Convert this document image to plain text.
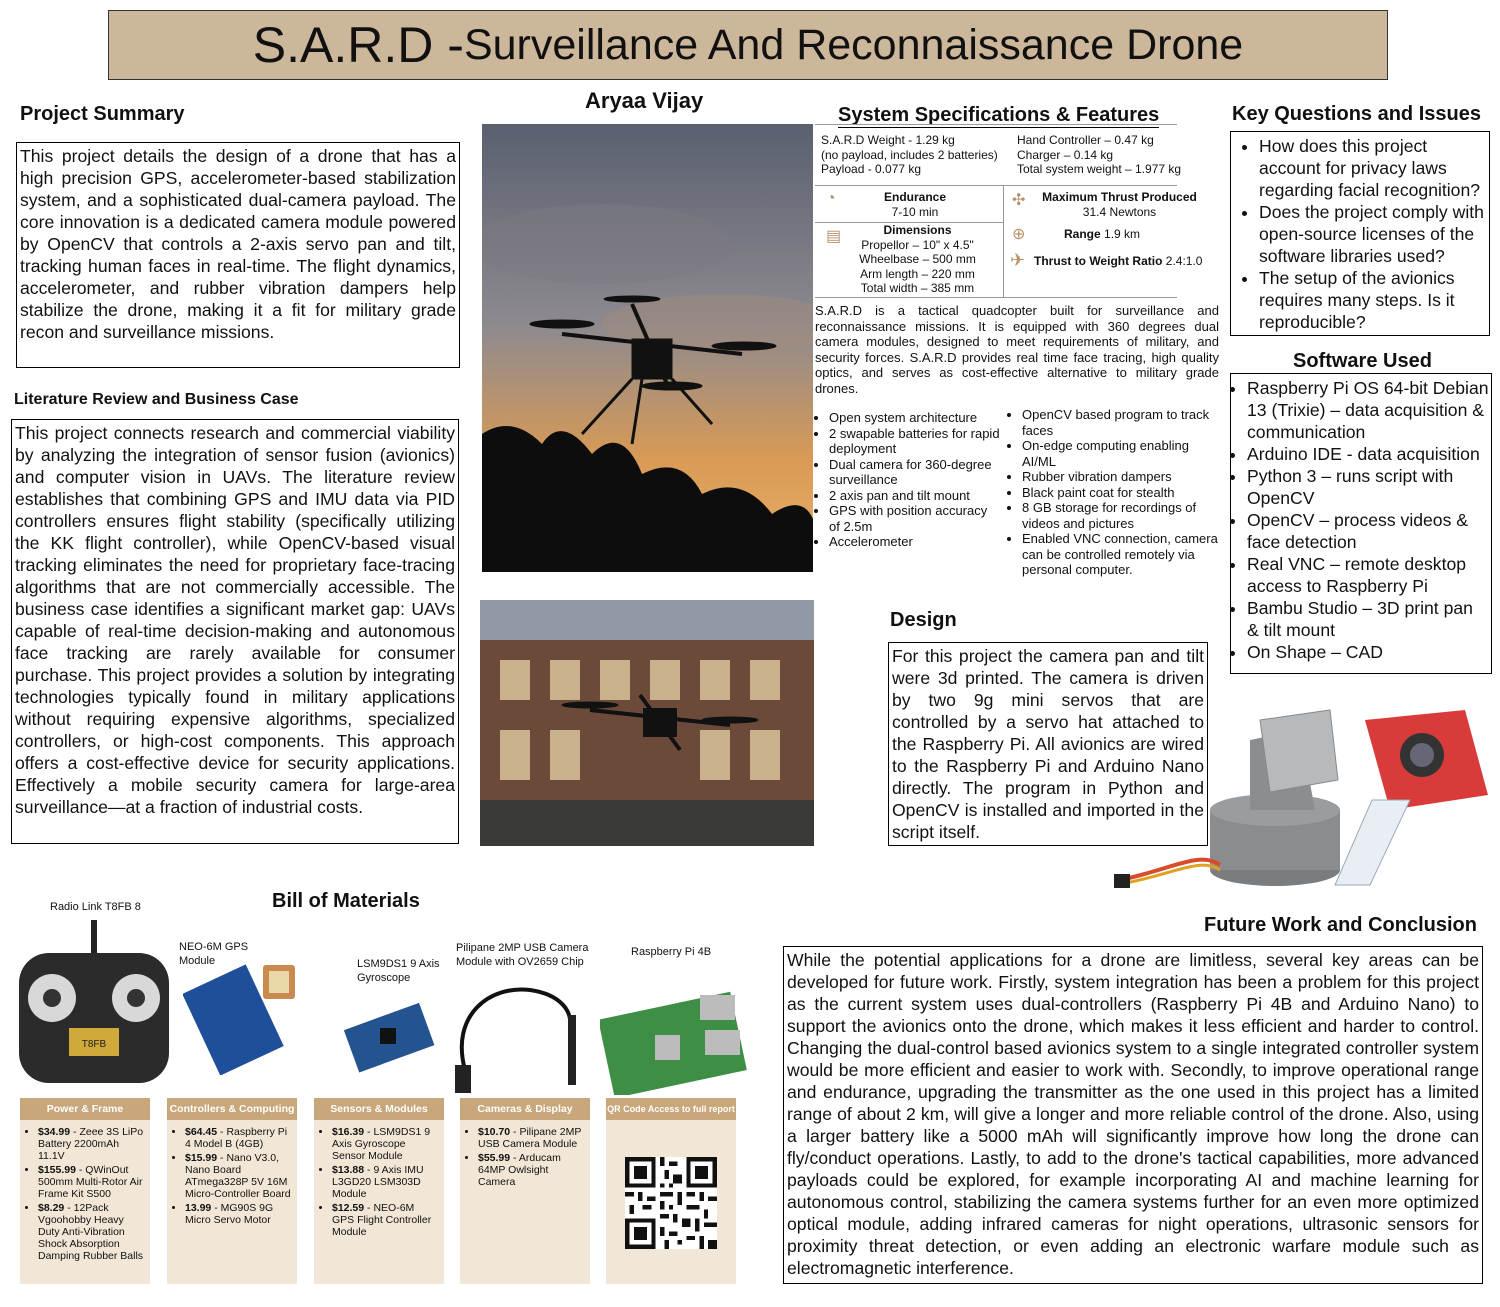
S.A.R.D - Surveillance And Reconnaissance Drone
Aryaa Vijay
Project Summary
This project details the design of a drone that has a high precision GPS, accelerometer-based stabilization system, and a sophisticated dual-camera payload. The core innovation is a dedicated camera module powered by OpenCV that controls a 2-axis servo pan and tilt, tracking human faces in real-time. The flight dynamics, accelerometer, and rubber vibration dampers help stabilize the drone, making it a fit for military grade recon and surveillance missions.
Literature Review and Business Case
This project connects research and commercial viability by analyzing the integration of sensor fusion (avionics) and computer vision in UAVs. The literature review establishes that combining GPS and IMU data via PID controllers ensures flight stability (specifically utilizing the KK flight controller), while OpenCV-based visual tracking eliminates the need for proprietary face-tracing algorithms that are not commercially accessible. The business case identifies a significant market gap: UAVs capable of real-time decision-making and autonomous face tracking are rarely available for consumer purchase. This project provides a solution by integrating technologies typically found in military applications without requiring expensive algorithms, specialized controllers, or high-cost components. This approach offers a cost-effective device for security applications. Effectively a mobile security camera for large-area surveillance—at a fraction of industrial costs.
System Specifications & Features
S.A.R.D Weight - 1.29 kg
(no payload, includes 2 batteries)
Payload - 0.077 kg
Hand Controller – 0.47 kg
Charger – 0.14 kg
Total system weight – 1.977 kg
◔	Endurance
7-10 min
✣	Maximum Thrust Produced
31.4 Newtons
▤	Dimensions
Propellor – 10" x 4.5"
Wheelbase – 500 mm
Arm length – 220 mm
Total width – 385 mm
⊕	Range 1.9 km
✈ Thrust to Weight Ratio 2.4:1.0
S.A.R.D is a tactical quadcopter built for surveillance and reconnaissance missions. It is equipped with 360 degrees dual camera modules, designed to meet requirements of military, and security forces. S.A.R.D provides real time face tracing, high quality optics, and serves as cost-effective alternative to military grade drones.
• Open system architecture
• 2 swapable batteries for rapid deployment
• Dual camera for 360-degree surveillance
• 2 axis pan and tilt mount
• GPS with position accuracy of 2.5m
• Accelerometer
• OpenCV based program to track faces
• On-edge computing enabling AI/ML
• Rubber vibration dampers
• Black paint coat for stealth
• 8 GB storage for recordings of videos and pictures
• Enabled VNC connection, camera can be controlled remotely via personal computer.
Key Questions and Issues
• How does this project account for privacy laws regarding facial recognition?
• Does the project comply with open-source licenses of the software libraries used?
• The setup of the avionics requires many steps. Is it reproducible?
Software Used
• Raspberry Pi OS 64-bit Debian 13 (Trixie) – data acquisition & communication
• Arduino IDE - data acquisition
• Python 3 – runs script with OpenCV
• OpenCV – process videos & face detection
• Real VNC – remote desktop access to Raspberry Pi
• Bambu Studio – 3D print pan & tilt mount
• On Shape – CAD
Design
For this project the camera pan and tilt were 3d printed. The camera is driven by two 9g mini servos that are controlled by a servo hat attached to the Raspberry Pi. All avionics are wired to the Raspberry Pi and Arduino Nano directly. The program in Python and OpenCV is installed and imported in the script itself.
Future Work and Conclusion
While the potential applications for a drone are limitless, several key areas can be developed for future work. Firstly, system integration has been a problem for this project as the current system uses dual-controllers (Raspberry Pi 4B and Arduino Nano) to support the avionics onto the drone, which makes it less efficient and harder to control. Changing the dual-control based avionics system to a single integrated controller system would be more efficient and easier to work with. Secondly, to improve operational range and endurance, upgrading the transmitter as the one used in this project has a limited range of about 2 km, will give a longer and more reliable control of the drone. Also, using a larger battery like a 5000 mAh will significantly improve how long the drone can fly/conduct operations. Lastly, to add to the drone's tactical capabilities, more advanced payloads could be explored, for example incorporating AI and machine learning for autonomous control, stabilizing the camera systems further for an even more optimized optical module, adding infrared cameras for night operations, ultrasonic sensors for proximity threat detection, or even adding an electronic warfare module such as electromagnetic interference.
Bill of Materials
Radio Link T8FB 8
NEO-6M GPS Module	LSM9DS1 9 Axis Gyroscope
Pilipane 2MP USB Camera Module with OV2659 Chip
Raspberry Pi 4B
T8FB
Power & Frame
• $34.99 - Zeee 3S LiPo Battery 2200mAh 11.1V
• $155.99 - QWinOut 500mm Multi-Rotor Air Frame Kit S500
• $8.29 - 12Pack Vgoohobby Heavy Duty Anti-Vibration Shock Absorption Damping Rubber Balls
Controllers & Computing
• $64.45 - Raspberry Pi 4 Model B (4GB)
• $15.99 - Nano V3.0, Nano Board ATmega328P 5V 16M Micro-Controller Board
• 13.99 - MG90S 9G Micro Servo Motor
Sensors & Modules
• $16.39 - LSM9DS1 9 Axis Gyroscope Sensor Module
• $13.88 - 9 Axis IMU L3GD20 LSM303D Module
• $12.59 - NEO-6M GPS Flight Controller Module
Cameras & Display
• $10.70 - Pilipane 2MP USB Camera Module
• $55.99 - Arducam 64MP Owlsight Camera
QR Code Access to full report
